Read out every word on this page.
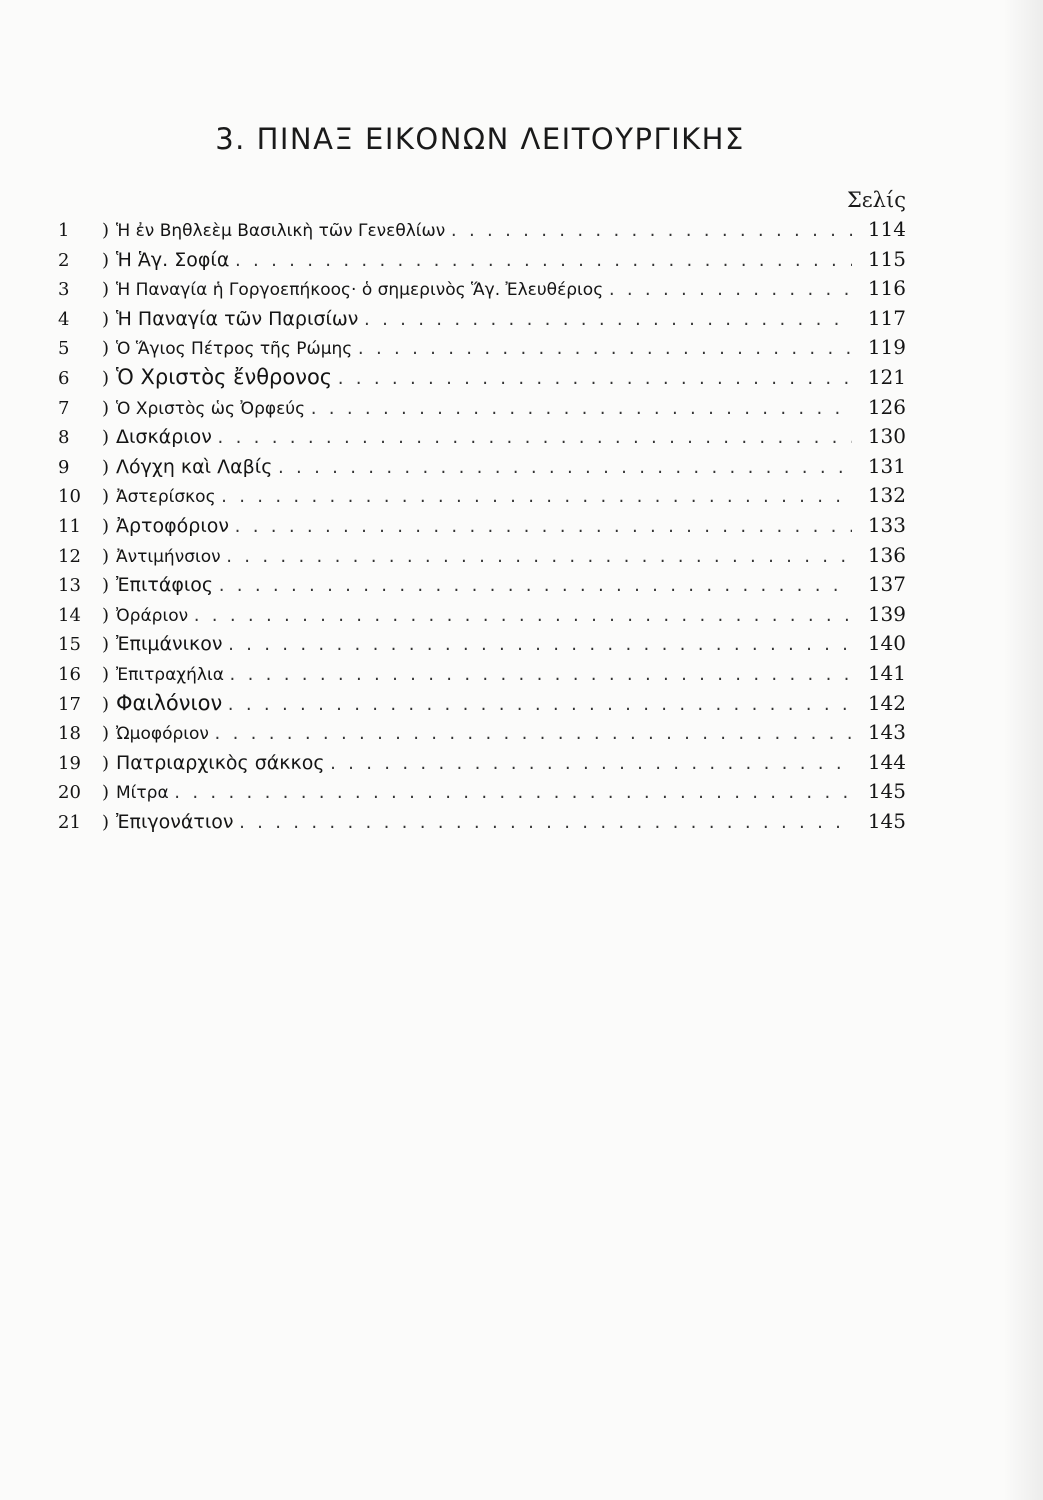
3. ΠΙΝΑΞ ΕΙΚΟΝΩΝ ΛΕΙΤΟΥΡΓΙΚΗΣ
Σελίς
1	) Ἡ ἐν Βηθλεὲμ Βασιλικὴ τῶν Γενεθλίων . . .	114
2	) Ἡ Ἁγ. Σοφία . . .	115
3	) Ἡ Παναγία ἡ Γοργοεπήκοος· ὁ σημερινὸς Ἅγ. Ἐλευθέριος . . .	116
4	) Ἡ Παναγία τῶν Παρισίων . . .	117
5	) Ὁ Ἅγιος Πέτρος τῆς Ρώμης . . .	119
6	) Ὁ Χριστὸς ἔνθρονος . . .	121
7	) Ὁ Χριστὸς ὡς Ὀρφεύς . . .	126
8	) Δισκάριον . . .	130
9	) Λόγχη καὶ Λαβίς . . .	131
10	) Ἀστερίσκος . . .	132
11	) Ἀρτοφόριον . . .	133
12	) Ἀντιμήνσιον . . .	136
13	) Ἐπιτάφιος . . .	137
14	) Ὀράριον . . .	139
15	) Ἐπιμάνικον . . .	140
16	) Ἐπιτραχήλια . . .	141
17	) Φαιλόνιον . . .	142
18	) Ὠμοφόριον . . .	143
19	) Πατριαρχικὸς σάκκος . . .	144
20	) Μίτρα . . .	145
21	) Ἐπιγονάτιον . . .	145
